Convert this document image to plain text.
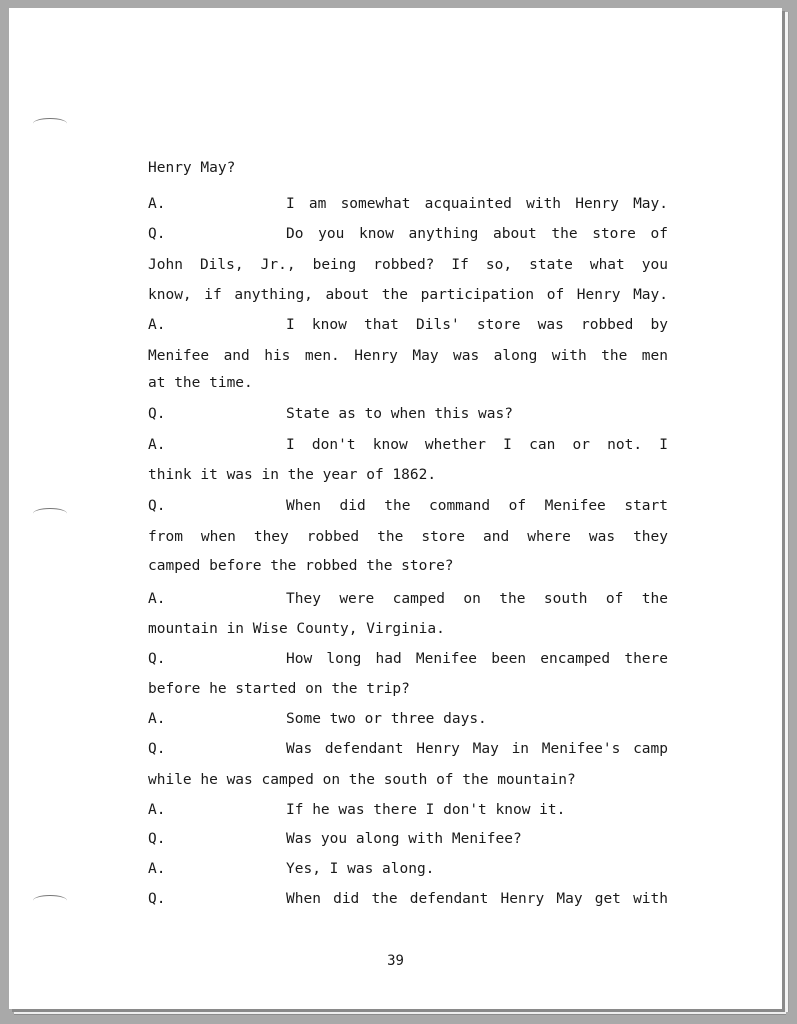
Henry May?
A.	I am somewhat acquainted with Henry May.
Q.	Do you know anything about the store of
John Dils, Jr., being robbed? If so, state what you
know, if anything, about the participation of Henry May.
A.	I know that Dils' store was robbed by
Menifee and his men. Henry May was along with the men
at the time.
Q.	State as to when this was?
A.	I don't know whether I can or not. I
think it was in the year of 1862.
Q.	When did the command of Menifee start
from when they robbed the store and where was they
camped before the robbed the store?
A.	They were camped on the south of the
mountain in Wise County, Virginia.
Q.	How long had Menifee been encamped there
before he started on the trip?
A.	Some two or three days.
Q.	Was defendant Henry May in Menifee's camp
while he was camped on the south of the mountain?
A.	If he was there I don't know it.
Q.	Was you along with Menifee?
A.	Yes, I was along.
Q.	When did the defendant Henry May get with
39
